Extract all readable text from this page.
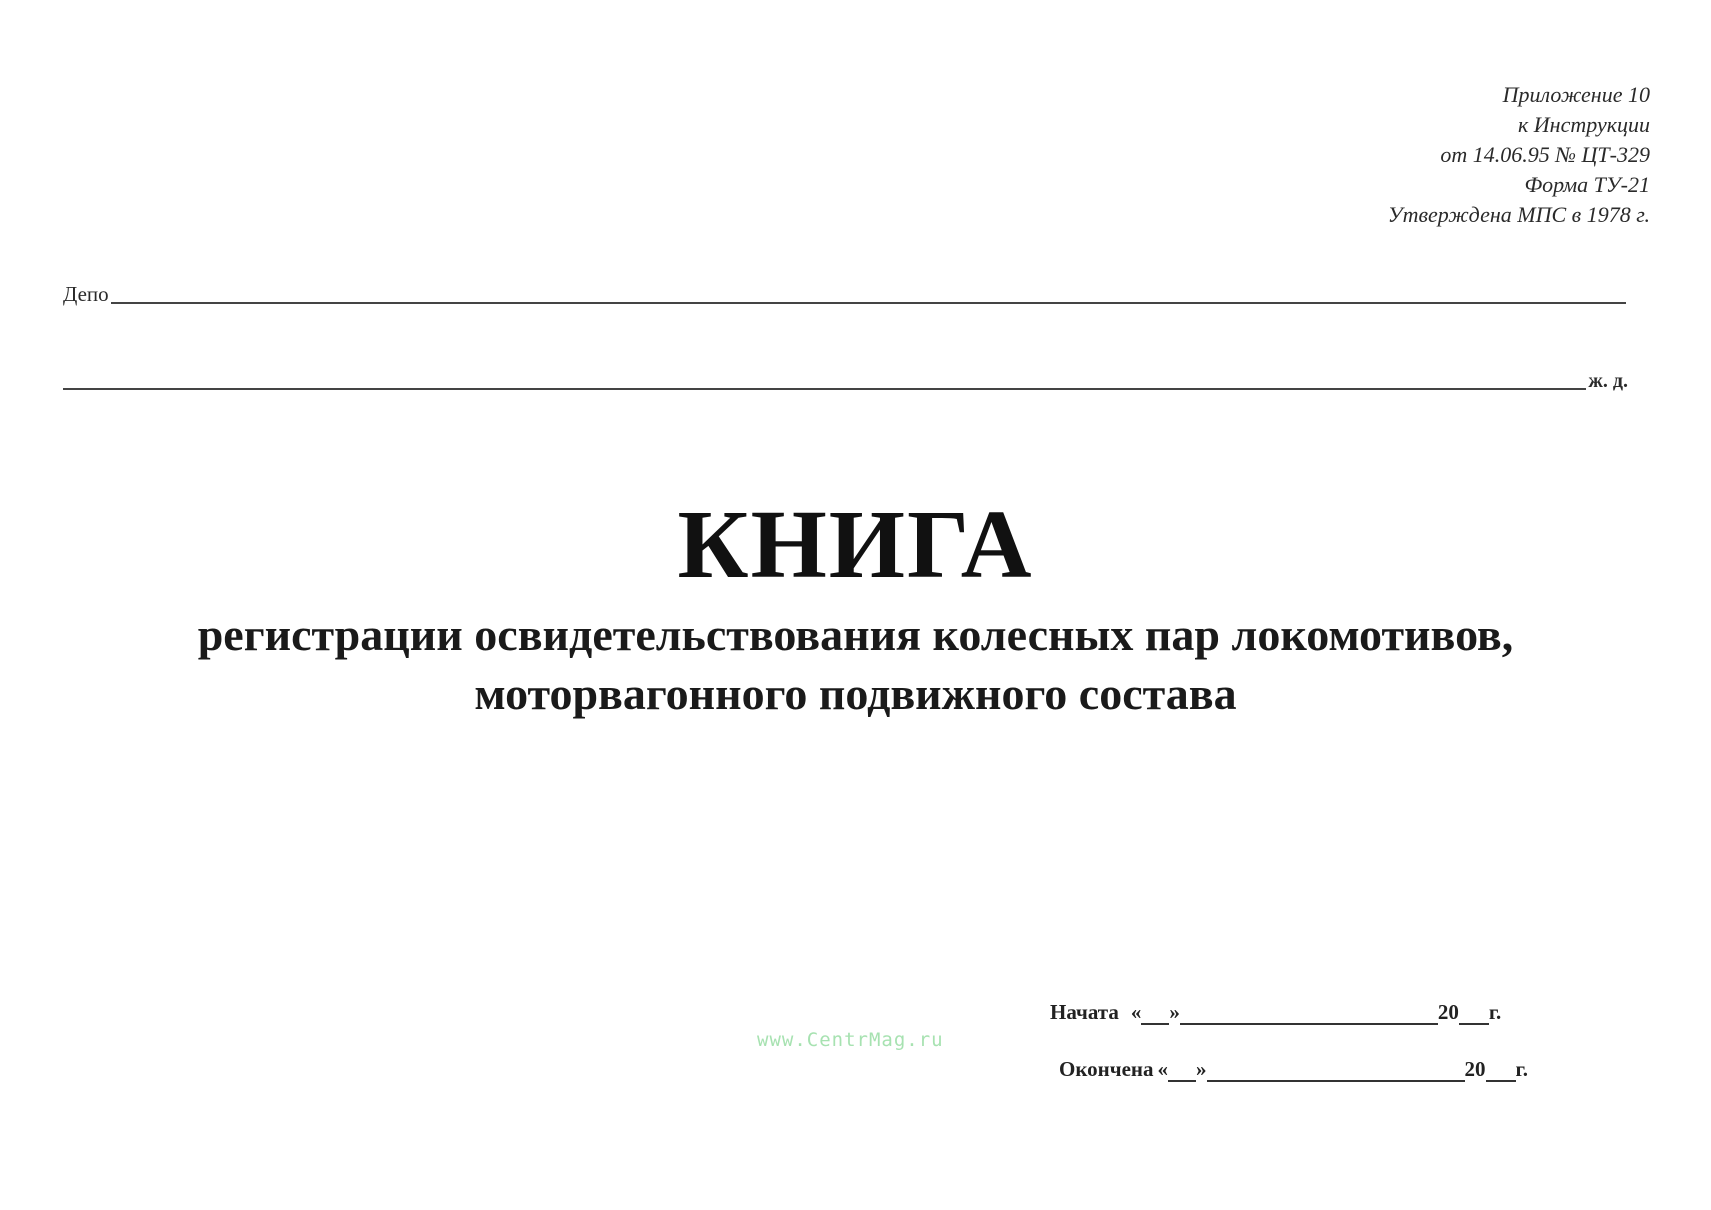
Приложение 10
к Инструкции
от 14.06.95 № ЦТ-329
Форма ТУ-21
Утверждена МПС в 1978 г.
Депо
ж. д.
КНИГА
регистрации освидетельствования колесных пар локомотивов,
моторвагонного подвижного состава
Начата « »	20 г.
Окончена « »	20 г.
www.CentrMag.ru
